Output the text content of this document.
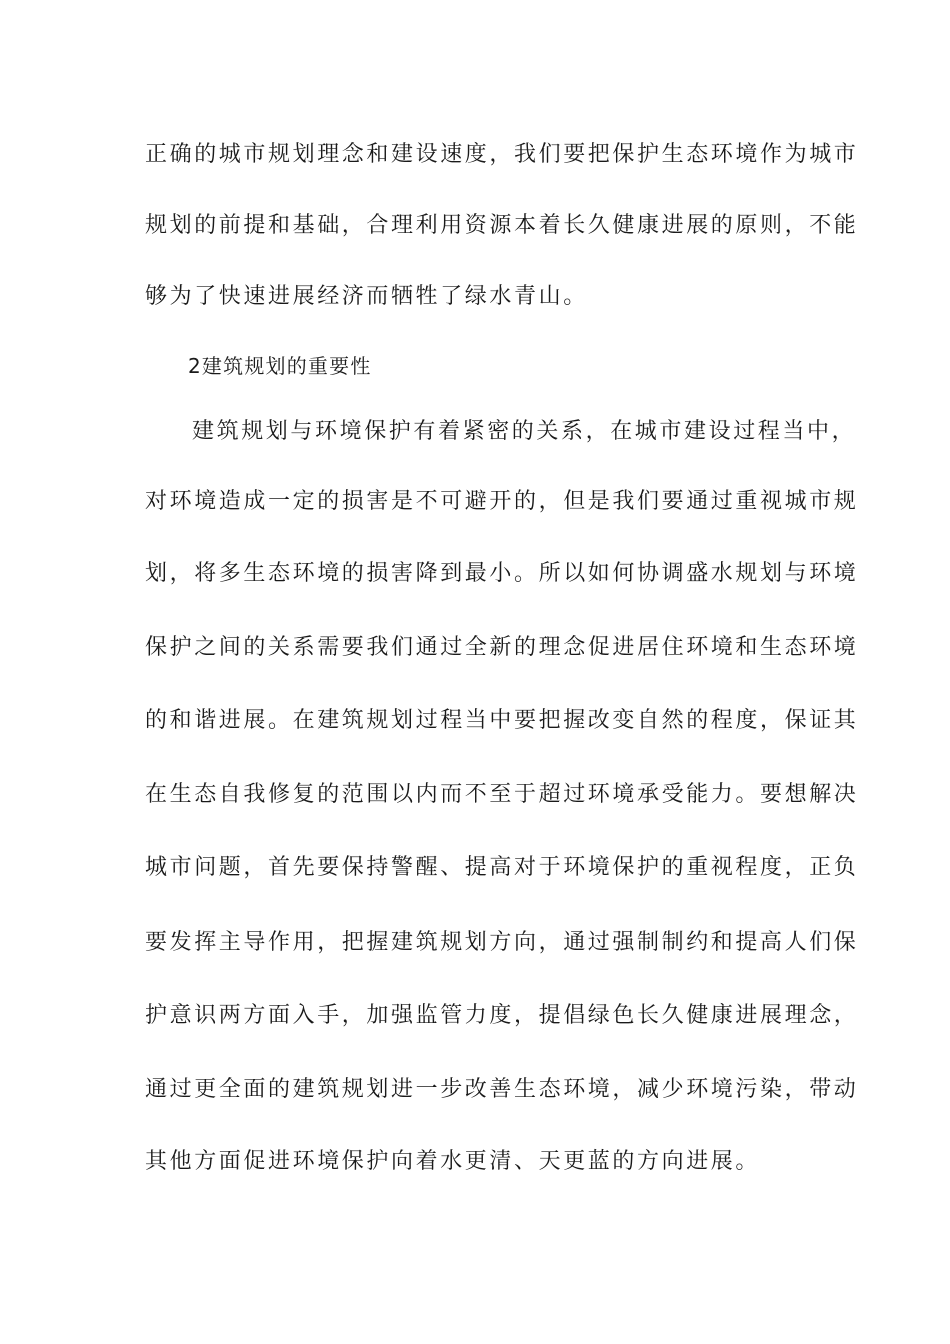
正确的城市规划理念和建设速度，我们要把保护生态环境作为城市
规划的前提和基础，合理利用资源本着长久健康进展的原则，不能
够为了快速进展经济而牺牲了绿水青山。
2建筑规划的重要性
建筑规划与环境保护有着紧密的关系，在城市建设过程当中，
对环境造成一定的损害是不可避开的，但是我们要通过重视城市规
划，将多生态环境的损害降到最小。所以如何协调盛水规划与环境
保护之间的关系需要我们通过全新的理念促进居住环境和生态环境
的和谐进展。在建筑规划过程当中要把握改变自然的程度，保证其
在生态自我修复的范围以内而不至于超过环境承受能力。要想解决
城市问题，首先要保持警醒、提高对于环境保护的重视程度，正负
要发挥主导作用，把握建筑规划方向，通过强制制约和提高人们保
护意识两方面入手，加强监管力度，提倡绿色长久健康进展理念，
通过更全面的建筑规划进一步改善生态环境，减少环境污染，带动
其他方面促进环境保护向着水更清、天更蓝的方向进展。
